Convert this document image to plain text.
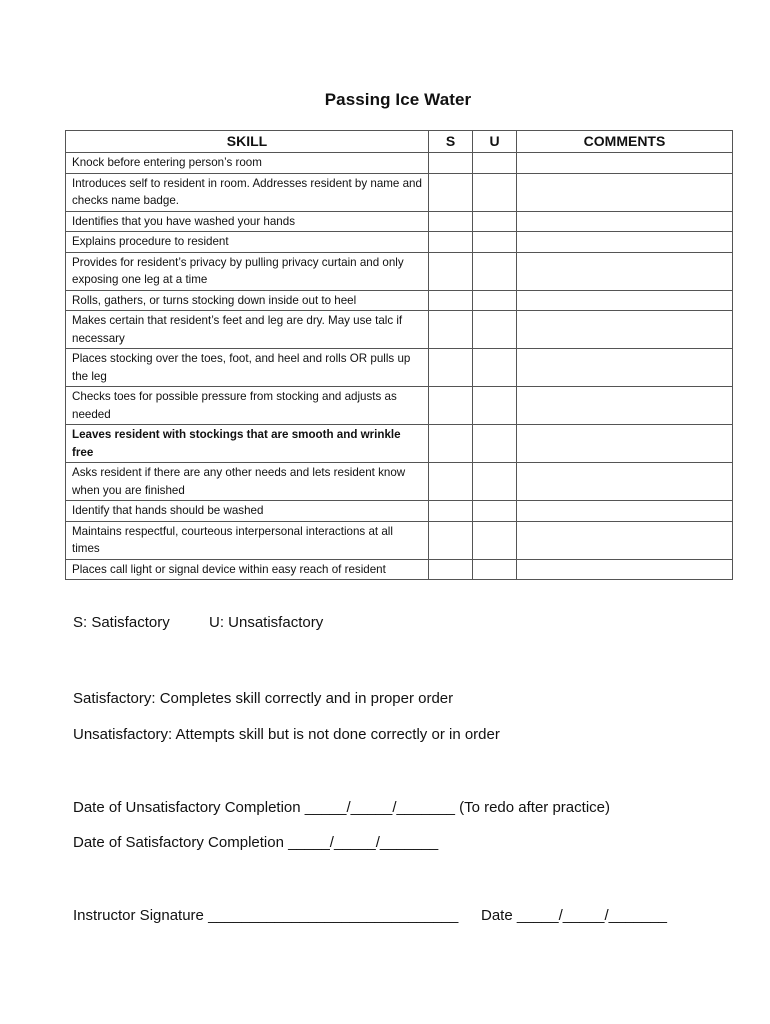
Passing Ice Water
SKILL	S	U	COMMENTS
Knock before entering person’s room			
Introduces self to resident in room. Addresses resident by name and checks name badge.			
Identifies that you have washed your hands			
Explains procedure to resident			
Provides for resident’s privacy by pulling privacy curtain and only exposing one leg at a time			
Rolls, gathers, or turns stocking down inside out to heel			
Makes certain that resident’s feet and leg are dry. May use talc if necessary			
Places stocking over the toes, foot, and heel and rolls OR pulls up the leg			
Checks toes for possible pressure from stocking and adjusts as needed			
Leaves resident with stockings that are smooth and wrinkle free			
Asks resident if there are any other needs and lets resident know when you are finished			
Identify that hands should be washed			
Maintains respectful, courteous interpersonal interactions at all times			
Places call light or signal device within easy reach of resident			
S: Satisfactory	U: Unsatisfactory
Satisfactory: Completes skill correctly and in proper order
Unsatisfactory: Attempts skill but is not done correctly or in order
Date of Unsatisfactory Completion _____/_____/_______ (To redo after practice)
Date of Satisfactory Completion _____/_____/_______
Instructor Signature ______________________________ Date _____/_____/_______
